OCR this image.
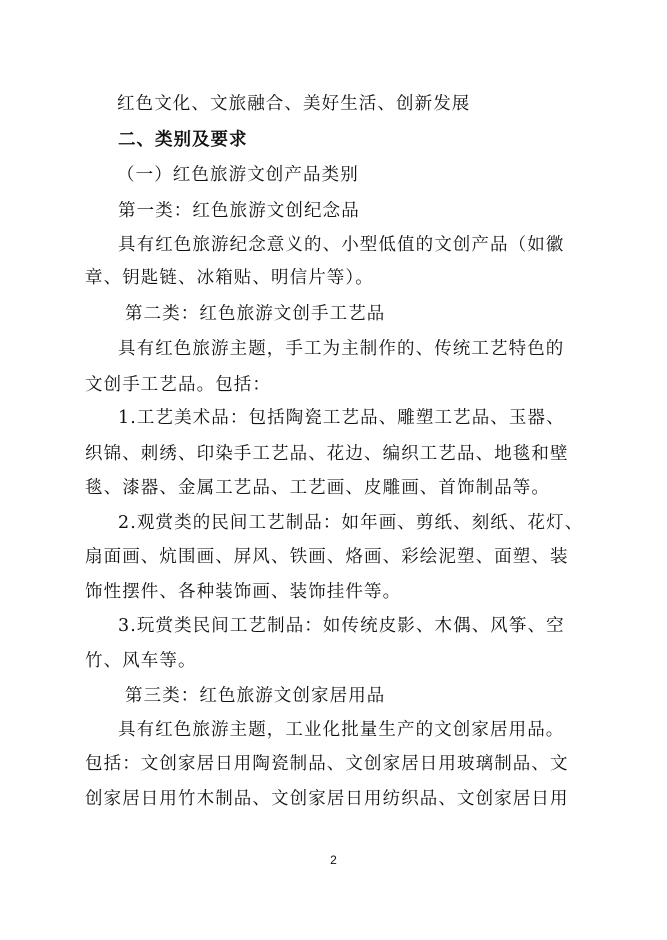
红色文化、文旅融合、美好生活、创新发展
二、类别及要求
（一）红色旅游文创产品类别
第一类：红色旅游文创纪念品
具有红色旅游纪念意义的、小型低值的文创产品（如徽
章、钥匙链、冰箱贴、明信片等）。
第二类：红色旅游文创手工艺品
具有红色旅游主题，手工为主制作的、传统工艺特色的
文创手工艺品。包括：
1.工艺美术品：包括陶瓷工艺品、雕塑工艺品、玉器、
织锦、刺绣、印染手工艺品、花边、编织工艺品、地毯和壁
毯、漆器、金属工艺品、工艺画、皮雕画、首饰制品等。
2.观赏类的民间工艺制品：如年画、剪纸、刻纸、花灯、
扇面画、炕围画、屏风、铁画、烙画、彩绘泥塑、面塑、装
饰性摆件、各种装饰画、装饰挂件等。
3.玩赏类民间工艺制品：如传统皮影、木偶、风筝、空
竹、风车等。
第三类：红色旅游文创家居用品
具有红色旅游主题，工业化批量生产的文创家居用品。
包括：文创家居日用陶瓷制品、文创家居日用玻璃制品、文
创家居日用竹木制品、文创家居日用纺织品、文创家居日用
2
